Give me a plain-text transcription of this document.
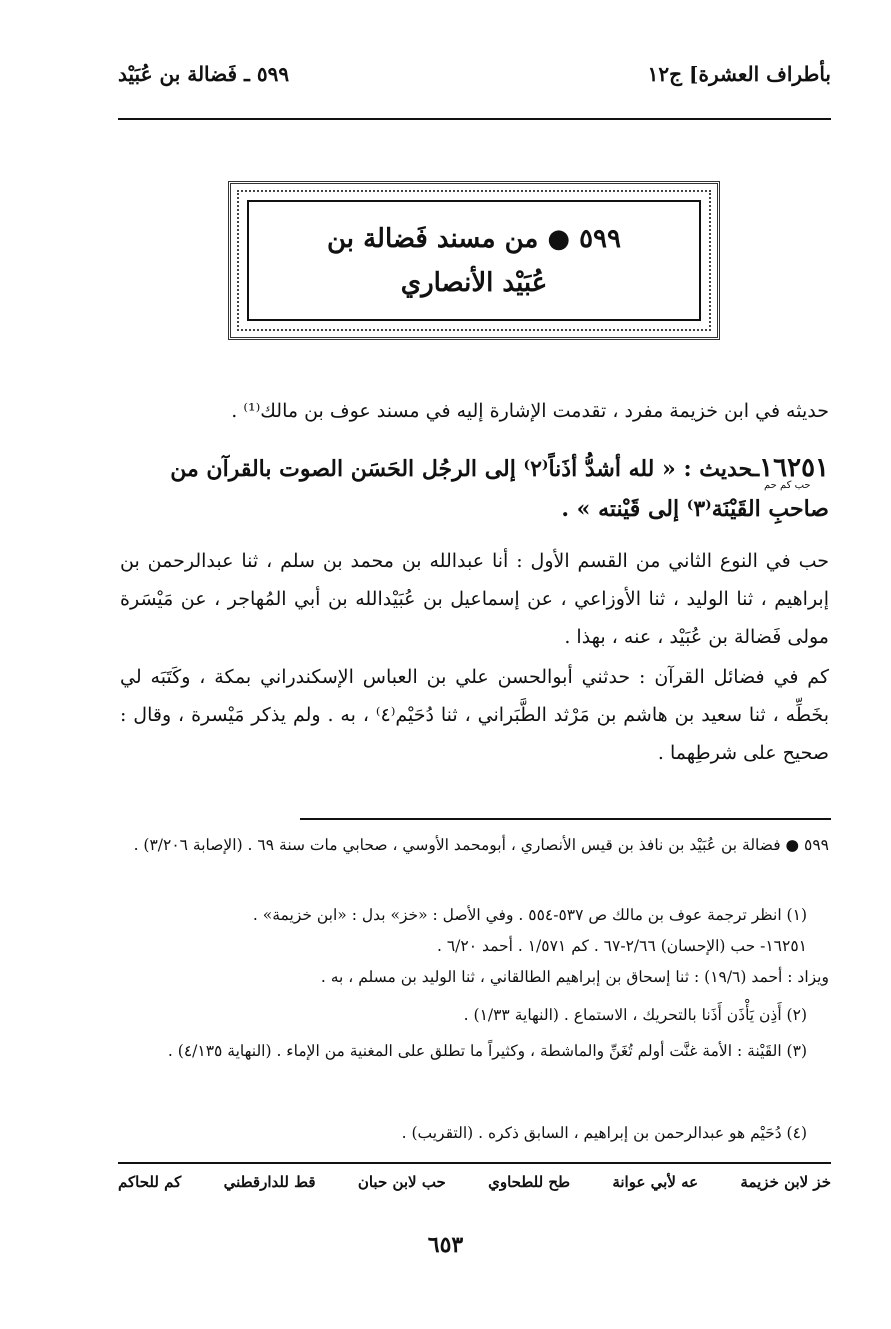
بأطراف العشرة] ج١٢
٥٩٩ ـ فَضالة بن عُبَيْد
٥٩٩ ● من مسند فَضالة بن
عُبَيْد الأنصاري
حديثه في ابن خزيمة مفرد ، تقدمت الإشارة إليه في مسند عوف بن مالك⁽¹⁾ .
١٦٢٥١ـحديث : « لله أشدُّ أذَناً⁽٢⁾ إلى الرجُل الحَسَن الصوت بالقرآن من صاحبِ القَيْنَة⁽٣⁾ إلى قَيْنته » .
حب كم حم
حب في النوع الثاني من القسم الأول : أنا عبدالله بن محمد بن سلم ، ثنا عبدالرحمن بن إبراهيم ، ثنا الوليد ، ثنا الأوزاعي ، عن إسماعيل بن عُبَيْدالله بن أبي المُهاجر ، عن مَيْسَرة مولى فَضالة بن عُبَيْد ، عنه ، بهذا .
كم في فضائل القرآن : حدثني أبوالحسن علي بن العباس الإسكندراني بمكة ، وكَتَبَه لي بخَطِّه ، ثنا سعيد بن هاشم بن مَرْثد الطَّبَراني ، ثنا دُحَيْم⁽٤⁾ ، به . ولم يذكر مَيْسرة ، وقال : صحيح على شرطِهما .
٥٩٩ ● فضالة بن عُبَيْد بن نافذ بن قيس الأنصاري ، أبومحمد الأوسي ، صحابي مات سنة ٦٩ . (الإصابة ٣/٢٠٦) .
(١) انظر ترجمة عوف بن مالك ص ٥٣٧-٥٥٤ . وفي الأصل : «خز» بدل : «ابن خزيمة» .
١٦٢٥١- حب (الإحسان) ٢/٦٦-٦٧ . كم ١/٥٧١ . أحمد ٦/٢٠ .
ويزاد : أحمد (١٩/٦) : ثنا إسحاق بن إبراهيم الطالقاني ، ثنا الوليد بن مسلم ، به .
(٢) أَذِن يَأْذَن أَذَنا بالتحريك ، الاستماع . (النهاية ١/٣٣) .
(٣) القَيْنة : الأمة غنَّت أولم تُغَنِّ والماشطة ، وكثيراً ما تطلق على المغنية من الإماء . (النهاية ٤/١٣٥) .
(٤) دُحَيْم هو عبدالرحمن بن إبراهيم ، السابق ذكره . (التقريب) .
خز لابن خزيمة
عه لأبي عوانة
طح للطحاوي
حب لابن حبان
قط للدارقطني
كم للحاكم
٦٥٣
